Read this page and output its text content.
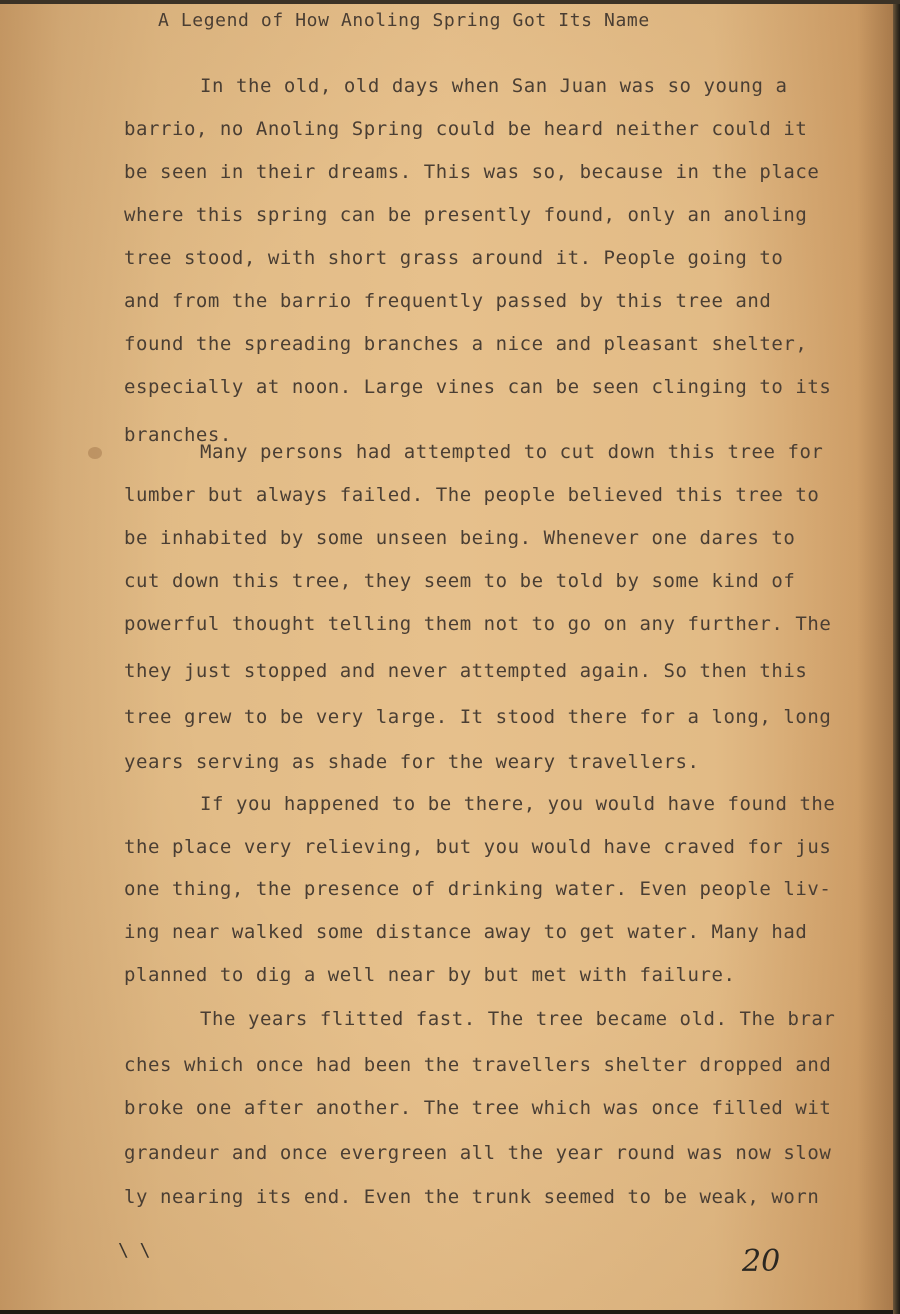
A Legend of How Anoling Spring Got Its Name

In the old, old days when San Juan was so young a

barrio, no Anoling Spring could be heard neither could it

be seen in their dreams. This was so, because in the place

where this spring can be presently found, only an anoling

tree stood, with short grass around it. People going to

and from the barrio frequently passed by this tree and

found the spreading branches a nice and pleasant shelter,

especially at noon. Large vines can be seen clinging to its

branches.

Many persons had attempted to cut down this tree for

lumber but always failed. The people believed this tree to

be inhabited by some unseen being. Whenever one dares to

cut down this tree, they seem to be told by some kind of

powerful thought telling them not to go on any further. The

they just stopped and never attempted again. So then this

tree grew to be very large. It stood there for a long, long

years serving as shade for the weary travellers.

If you happened to be there, you would have found the

the place very relieving, but you would have craved for jus

one thing, the presence of drinking water. Even people liv-

ing near walked some distance away to get water. Many had

planned to dig a well near by but met with failure.

The years flitted fast. The tree became old. The brar

ches which once had been the travellers shelter dropped and

broke one after another. The tree which was once filled wit

grandeur and once evergreen all the year round was now slow

ly nearing its end. Even the trunk seemed to be weak, worn

\ \	20
